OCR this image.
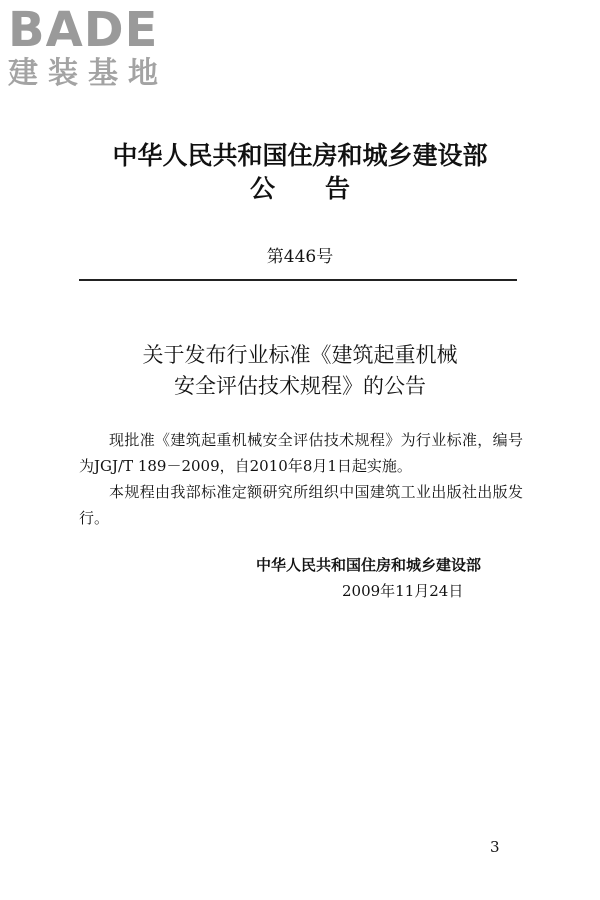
BADE
建装基地
中华人民共和国住房和城乡建设部
公告
第446号
关于发布行业标准《建筑起重机械
安全评估技术规程》的公告

现批准《建筑起重机械安全评估技术规程》为行业标准，编号为JGJ/T 189－2009，自2010年8月1日起实施。

本规程由我部标准定额研究所组织中国建筑工业出版社出版发行。

中华人民共和国住房和城乡建设部
2009年11月24日
3
